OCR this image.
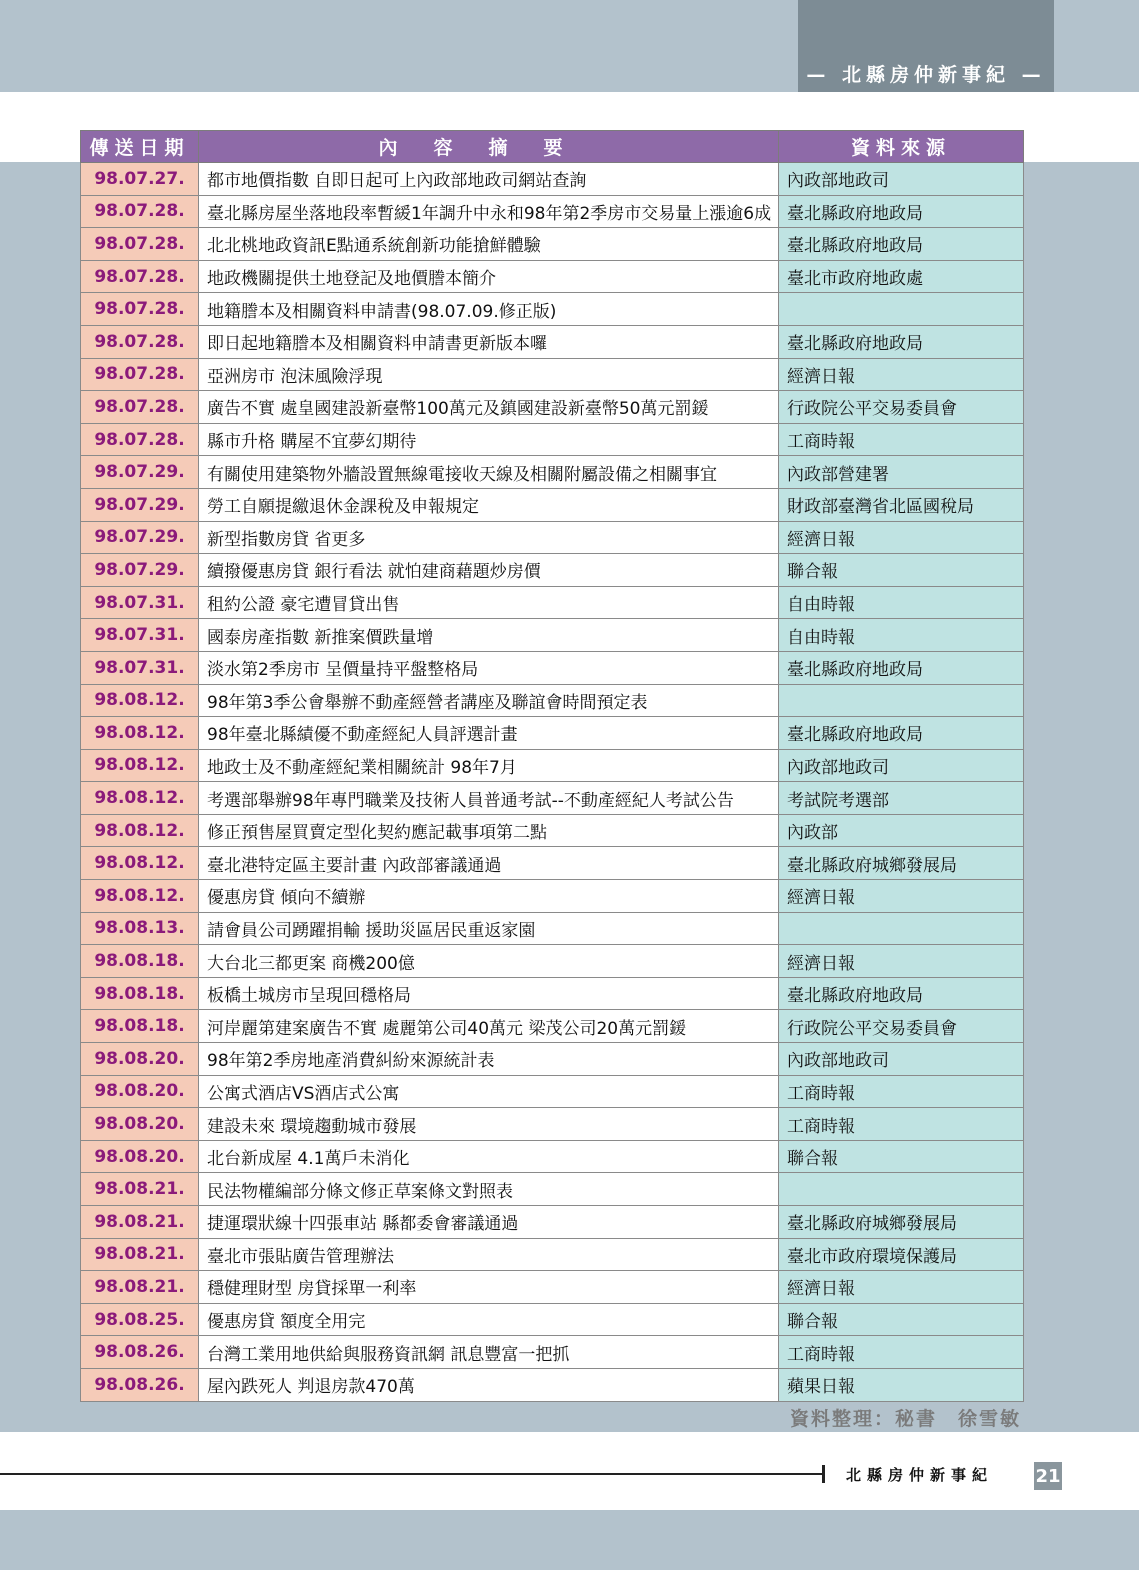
— 北縣房仲新事紀 —
傳送日期	內容摘要	資料來源
98.07.27.	都市地價指數 自即日起可上內政部地政司網站查詢	內政部地政司
98.07.28.	臺北縣房屋坐落地段率暫緩1年調升中永和98年第2季房市交易量上漲逾6成	臺北縣政府地政局
98.07.28.	北北桃地政資訊E點通系統創新功能搶鮮體驗	臺北縣政府地政局
98.07.28.	地政機關提供土地登記及地價謄本簡介	臺北市政府地政處
98.07.28.	地籍謄本及相關資料申請書(98.07.09.修正版)	
98.07.28.	即日起地籍謄本及相關資料申請書更新版本囉	臺北縣政府地政局
98.07.28.	亞洲房市 泡沫風險浮現	經濟日報
98.07.28.	廣告不實 處皇國建設新臺幣100萬元及鎮國建設新臺幣50萬元罰鍰	行政院公平交易委員會
98.07.28.	縣市升格 購屋不宜夢幻期待	工商時報
98.07.29.	有關使用建築物外牆設置無線電接收天線及相關附屬設備之相關事宜	內政部營建署
98.07.29.	勞工自願提繳退休金課稅及申報規定	財政部臺灣省北區國稅局
98.07.29.	新型指數房貸 省更多	經濟日報
98.07.29.	續撥優惠房貸 銀行看法 就怕建商藉題炒房價	聯合報
98.07.31.	租約公證 豪宅遭冒貸出售	自由時報
98.07.31.	國泰房產指數 新推案價跌量增	自由時報
98.07.31.	淡水第2季房市 呈價量持平盤整格局	臺北縣政府地政局
98.08.12.	98年第3季公會舉辦不動產經營者講座及聯誼會時間預定表	
98.08.12.	98年臺北縣績優不動產經紀人員評選計畫	臺北縣政府地政局
98.08.12.	地政士及不動產經紀業相關統計 98年7月	內政部地政司
98.08.12.	考選部舉辦98年專門職業及技術人員普通考試--不動產經紀人考試公告	考試院考選部
98.08.12.	修正預售屋買賣定型化契約應記載事項第二點	內政部
98.08.12.	臺北港特定區主要計畫 內政部審議通過	臺北縣政府城鄉發展局
98.08.12.	優惠房貸 傾向不續辦	經濟日報
98.08.13.	請會員公司踴躍捐輸 援助災區居民重返家園	
98.08.18.	大台北三都更案 商機200億	經濟日報
98.08.18.	板橋土城房市呈現回穩格局	臺北縣政府地政局
98.08.18.	河岸麗第建案廣告不實 處麗第公司40萬元 梁茂公司20萬元罰鍰	行政院公平交易委員會
98.08.20.	98年第2季房地產消費糾紛來源統計表	內政部地政司
98.08.20.	公寓式酒店VS酒店式公寓	工商時報
98.08.20.	建設未來 環境趨動城市發展	工商時報
98.08.20.	北台新成屋 4.1萬戶未消化	聯合報
98.08.21.	民法物權編部分條文修正草案條文對照表	
98.08.21.	捷運環狀線十四張車站 縣都委會審議通過	臺北縣政府城鄉發展局
98.08.21.	臺北市張貼廣告管理辦法	臺北市政府環境保護局
98.08.21.	穩健理財型 房貸採單一利率	經濟日報
98.08.25.	優惠房貸 額度全用完	聯合報
98.08.26.	台灣工業用地供給與服務資訊網 訊息豐富一把抓	工商時報
98.08.26.	屋內跌死人 判退房款470萬	蘋果日報
資料整理：秘書　徐雪敏
北縣房仲新事紀 21
